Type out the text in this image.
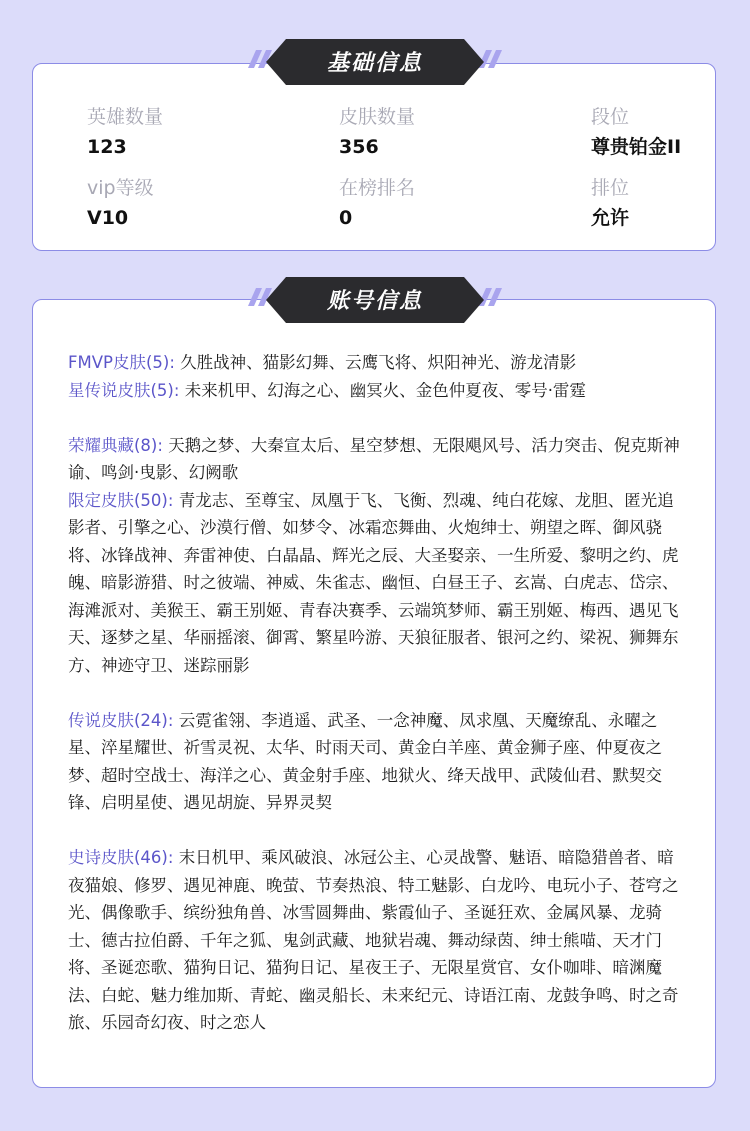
英雄数量
123
皮肤数量
356
段位
尊贵铂金II
vip等级
V10
在榜排名
0
排位
允许
FMVP皮肤(5): 久胜战神、猫影幻舞、云鹰飞将、炽阳神光、游龙清影
星传说皮肤(5): 未来机甲、幻海之心、幽冥火、金色仲夏夜、零号·雷霆
荣耀典藏(8): 天鹅之梦、大秦宣太后、星空梦想、无限飓风号、活力突击、倪克斯神谕、鸣剑·曳影、幻阙歌
限定皮肤(50): 青龙志、至尊宝、凤凰于飞、飞衡、烈魂、纯白花嫁、龙胆、匿光追影者、引擎之心、沙漠行僧、如梦令、冰霜恋舞曲、火炮绅士、朔望之晖、御风骁将、冰锋战神、奔雷神使、白晶晶、辉光之辰、大圣娶亲、一生所爱、黎明之约、虎魄、暗影游猎、时之彼端、神威、朱雀志、幽恒、白昼王子、玄嵩、白虎志、岱宗、海滩派对、美猴王、霸王别姬、青春决赛季、云端筑梦师、霸王别姬、梅西、遇见飞天、逐梦之星、华丽摇滚、御霄、繁星吟游、天狼征服者、银河之约、梁祝、狮舞东方、神迹守卫、迷踪丽影
传说皮肤(24): 云霓雀翎、李逍遥、武圣、一念神魔、凤求凰、天魔缭乱、永曜之星、淬星耀世、祈雪灵祝、太华、时雨天司、黄金白羊座、黄金狮子座、仲夏夜之梦、超时空战士、海洋之心、黄金射手座、地狱火、绛天战甲、武陵仙君、默契交锋、启明星使、遇见胡旋、异界灵契
史诗皮肤(46): 末日机甲、乘风破浪、冰冠公主、心灵战警、魅语、暗隐猎兽者、暗夜猫娘、修罗、遇见神鹿、晚萤、节奏热浪、特工魅影、白龙吟、电玩小子、苍穹之光、偶像歌手、缤纷独角兽、冰雪圆舞曲、紫霞仙子、圣诞狂欢、金属风暴、龙骑士、德古拉伯爵、千年之狐、鬼剑武藏、地狱岩魂、舞动绿茵、绅士熊喵、天才门将、圣诞恋歌、猫狗日记、猫狗日记、星夜王子、无限星赏官、女仆咖啡、暗渊魔法、白蛇、魅力维加斯、青蛇、幽灵船长、未来纪元、诗语江南、龙鼓争鸣、时之奇旅、乐园奇幻夜、时之恋人
基础信息
账号信息
